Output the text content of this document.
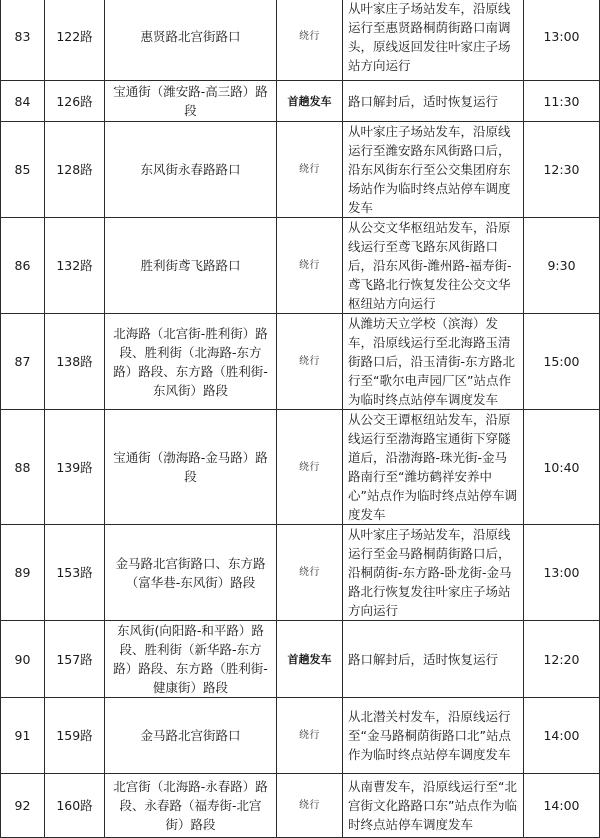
83	122路	惠贤路北宫街路口	绕行	从叶家庄子场站发车，沿原线运行至惠贤路桐荫街路口南调头，原线返回发往叶家庄子场站方向运行	13:00
84	126路	宝通街（潍安路-高三路）路段	首趟发车	路口解封后，适时恢复运行	11:30
85	128路	东风街永春路路口	绕行	从叶家庄子场站发车，沿原线运行至潍安路东风街路口后，沿东风街东行至公交集团府东场站作为临时终点站停车调度发车	12:30
86	132路	胜利街鸢飞路路口	绕行	从公交文华枢纽站发车，沿原线运行至鸢飞路东风街路口后，沿东风街-潍州路-福寿街-鸢飞路北行恢复发往公交文华枢纽站方向运行	9:30
87	138路	北海路（北宫街-胜利街）路段、胜利街（北海路-东方路）路段、东方路（胜利街-东风街）路段	绕行	从潍坊天立学校（滨海）发车，沿原线运行至北海路玉清街路口后，沿玉清街-东方路北行至“歌尔电声园厂区”站点作为临时终点站停车调度发车	15:00
88	139路	宝通街（渤海路-金马路）路段	绕行	从公交王谭枢纽站发车，沿原线运行至渤海路宝通街下穿隧道后，沿渤海路-珠光街-金马路南行至“潍坊鹤祥安养中心”站点作为临时终点站停车调度发车	10:40
89	153路	金马路北宫街路口、东方路（富华巷-东风街）路段	绕行	从叶家庄子场站发车，沿原线运行至金马路桐荫街路口后，沿桐荫街-东方路-卧龙街-金马路北行恢复发往叶家庄子场站方向运行	13:00
90	157路	东风街(向阳路-和平路）路段、胜利街（新华路-东方路）路段、东方路（胜利街-健康街）路段	首趟发车	路口解封后，适时恢复运行	12:20
91	159路	金马路北宫街路口	绕行	从北潜关村发车，沿原线运行至“金马路桐荫街路口北”站点作为临时终点站停车调度发车	14:00
92	160路	北宫街（北海路-永春路）路段、永春路（福寿街-北宫街）路段	绕行	从南曹发车，沿原线运行至“北宫街文化路路口东”站点作为临时终点站停车调度发车	14:00
